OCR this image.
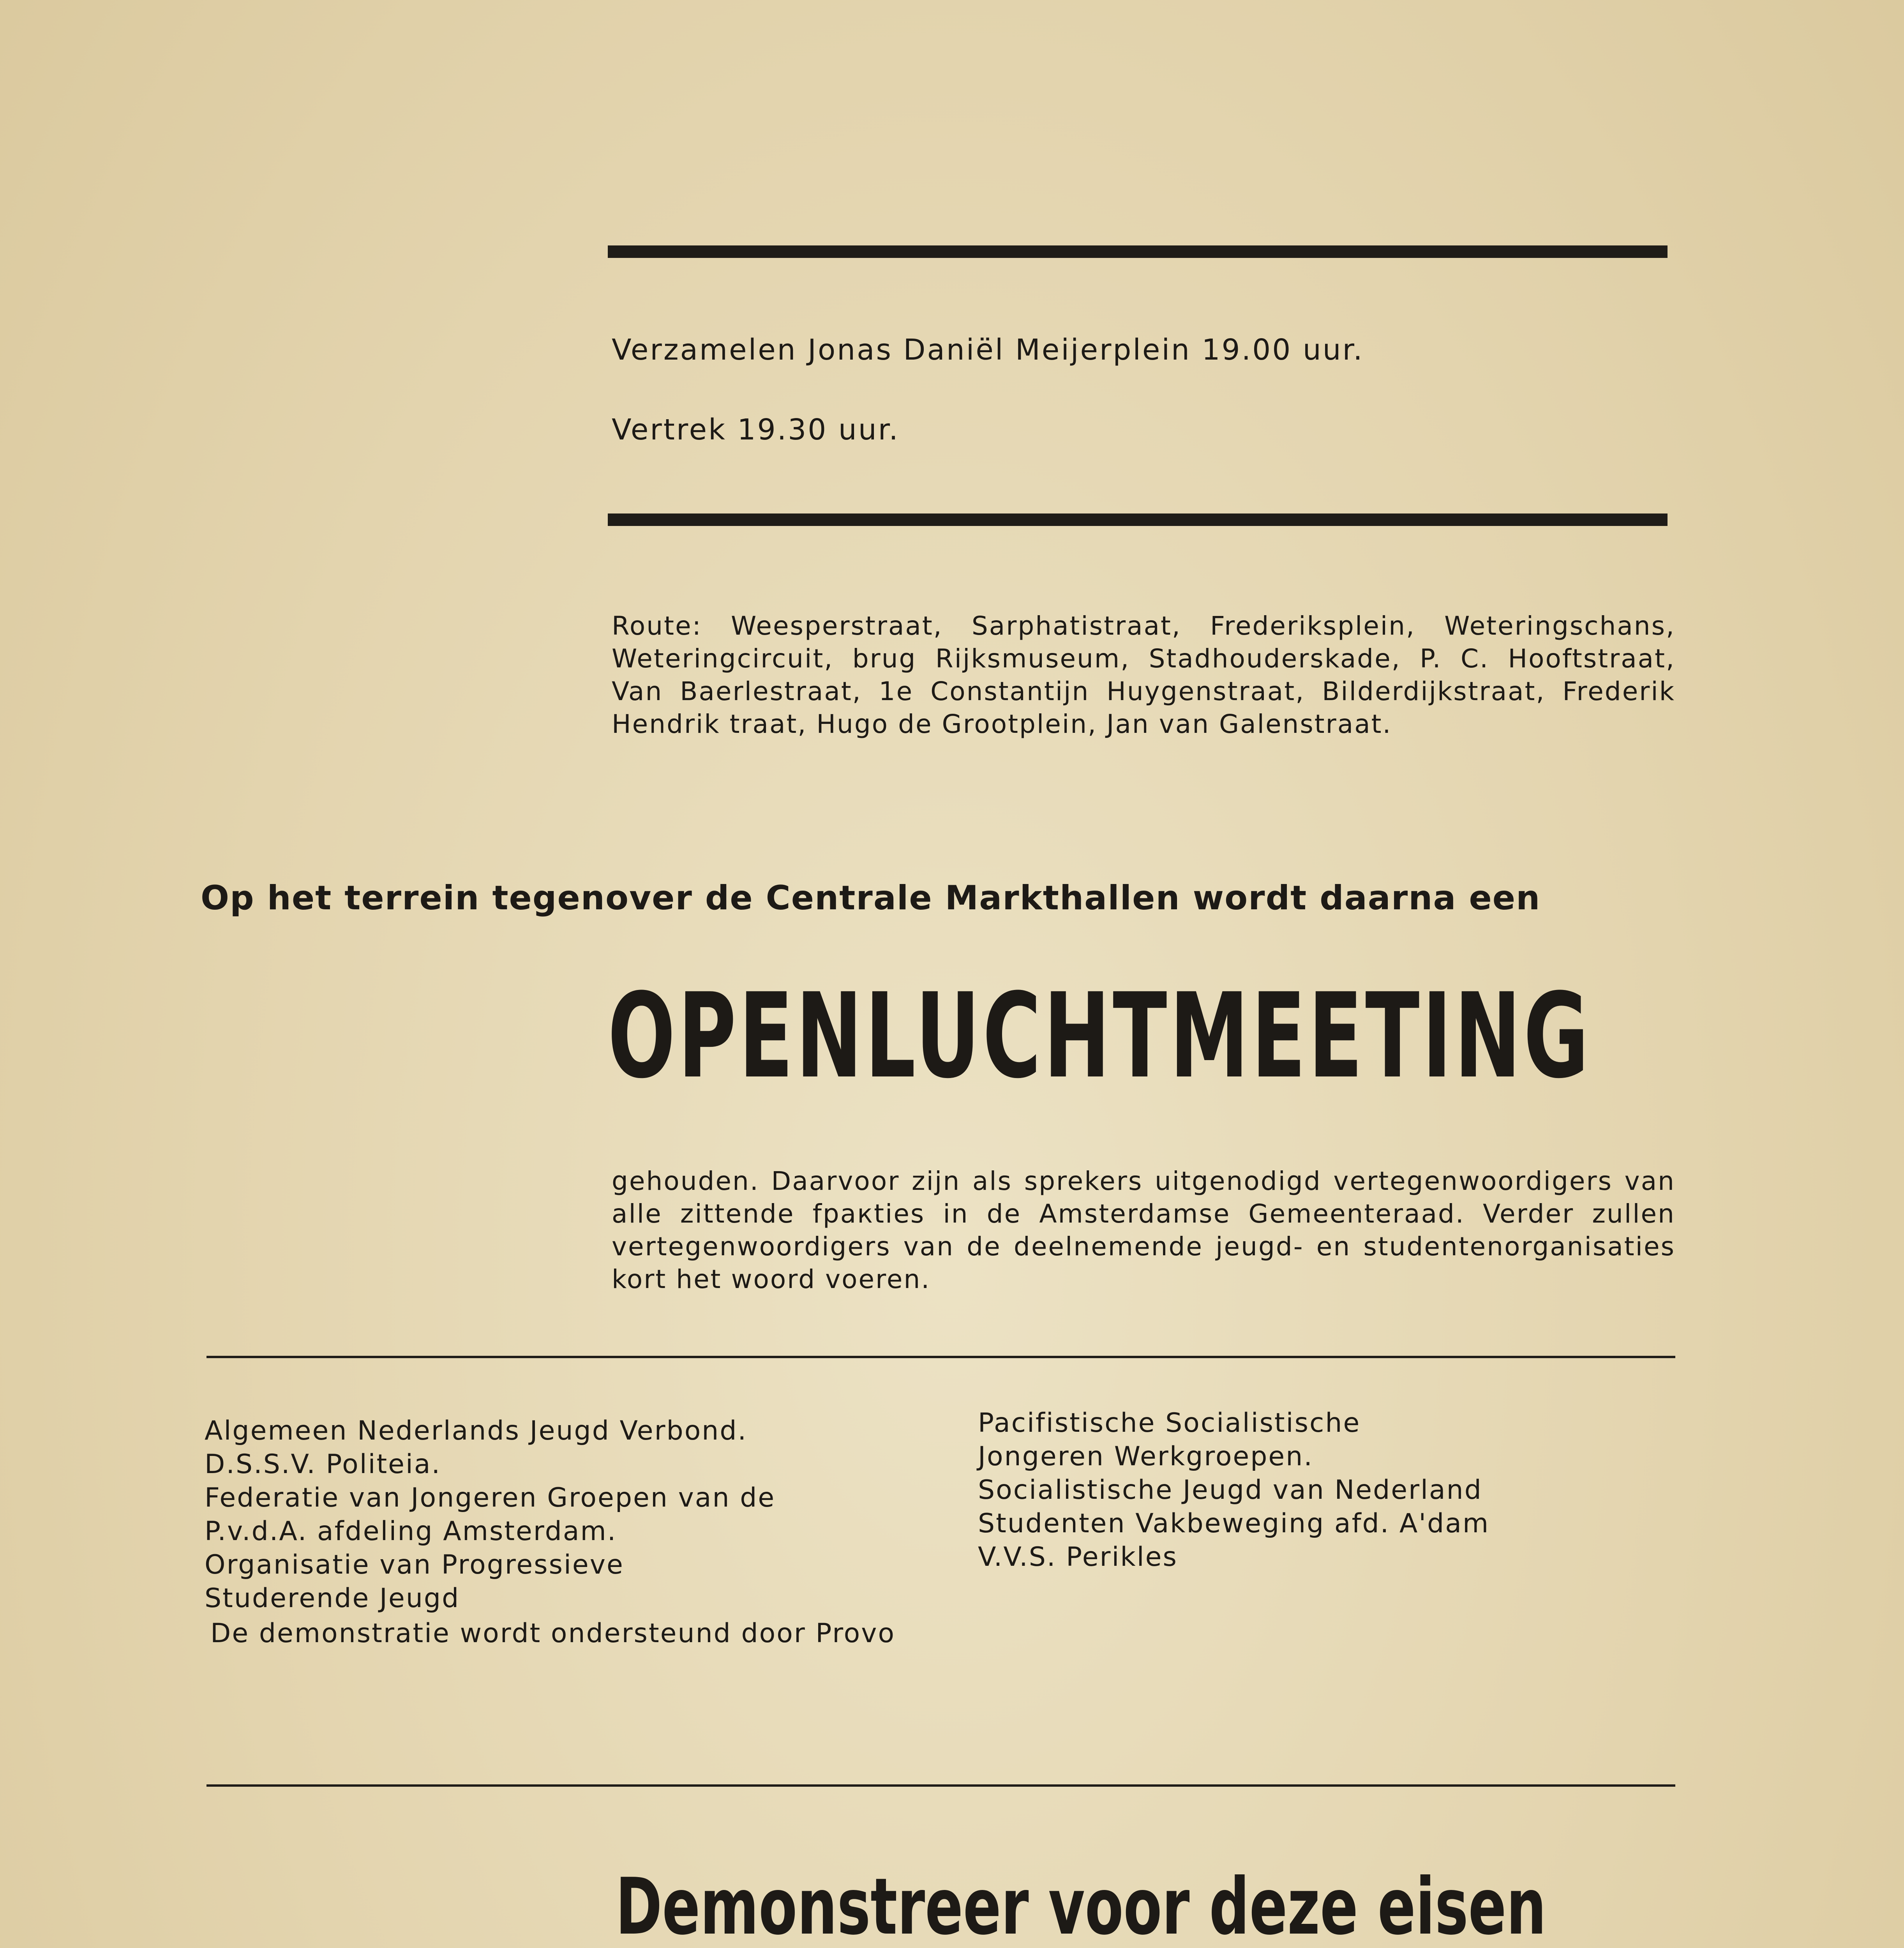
Verzamelen Jonas Daniël Meijerplein 19.00 uur.

Vertrek 19.30 uur.

Route: Weesperstraat, Sarphatistraat, Frederiksplein, Weteringschans, Weteringcircuit, brug Rijksmuseum, Stadhouderskade, P. C. Hooftstraat, Van Baerlestraat, 1e Constantijn Huygenstraat, Bilderdijkstraat, Frederik Hendrik traat, Hugo de Grootplein, Jan van Galenstraat.

Op het terrein tegenover de Centrale Markthallen wordt daarna een

OPENLUCHTMEETING

gehouden. Daarvoor zijn als sprekers uitgenodigd vertegenwoordigers van alle zittende fракties in de Amsterdamse Gemeenteraad. Verder zullen vertegenwoordigers van de deelnemende jeugd- en studentenorganisaties kort het woord voeren.

Algemeen Nederlands Jeugd Verbond.
D.S.S.V. Politeia.
Federatie van Jongeren Groepen van de
P.v.d.A. afdeling Amsterdam.
Organisatie van Progressieve
Studerende Jeugd
Pacifistische Socialistische
Jongeren Werkgroepen.
Socialistische Jeugd van Nederland
Studenten Vakbeweging afd. A'dam
V.V.S. Perikles

De demonstratie wordt ondersteund door Provo

Demonstreer voor deze eisen
